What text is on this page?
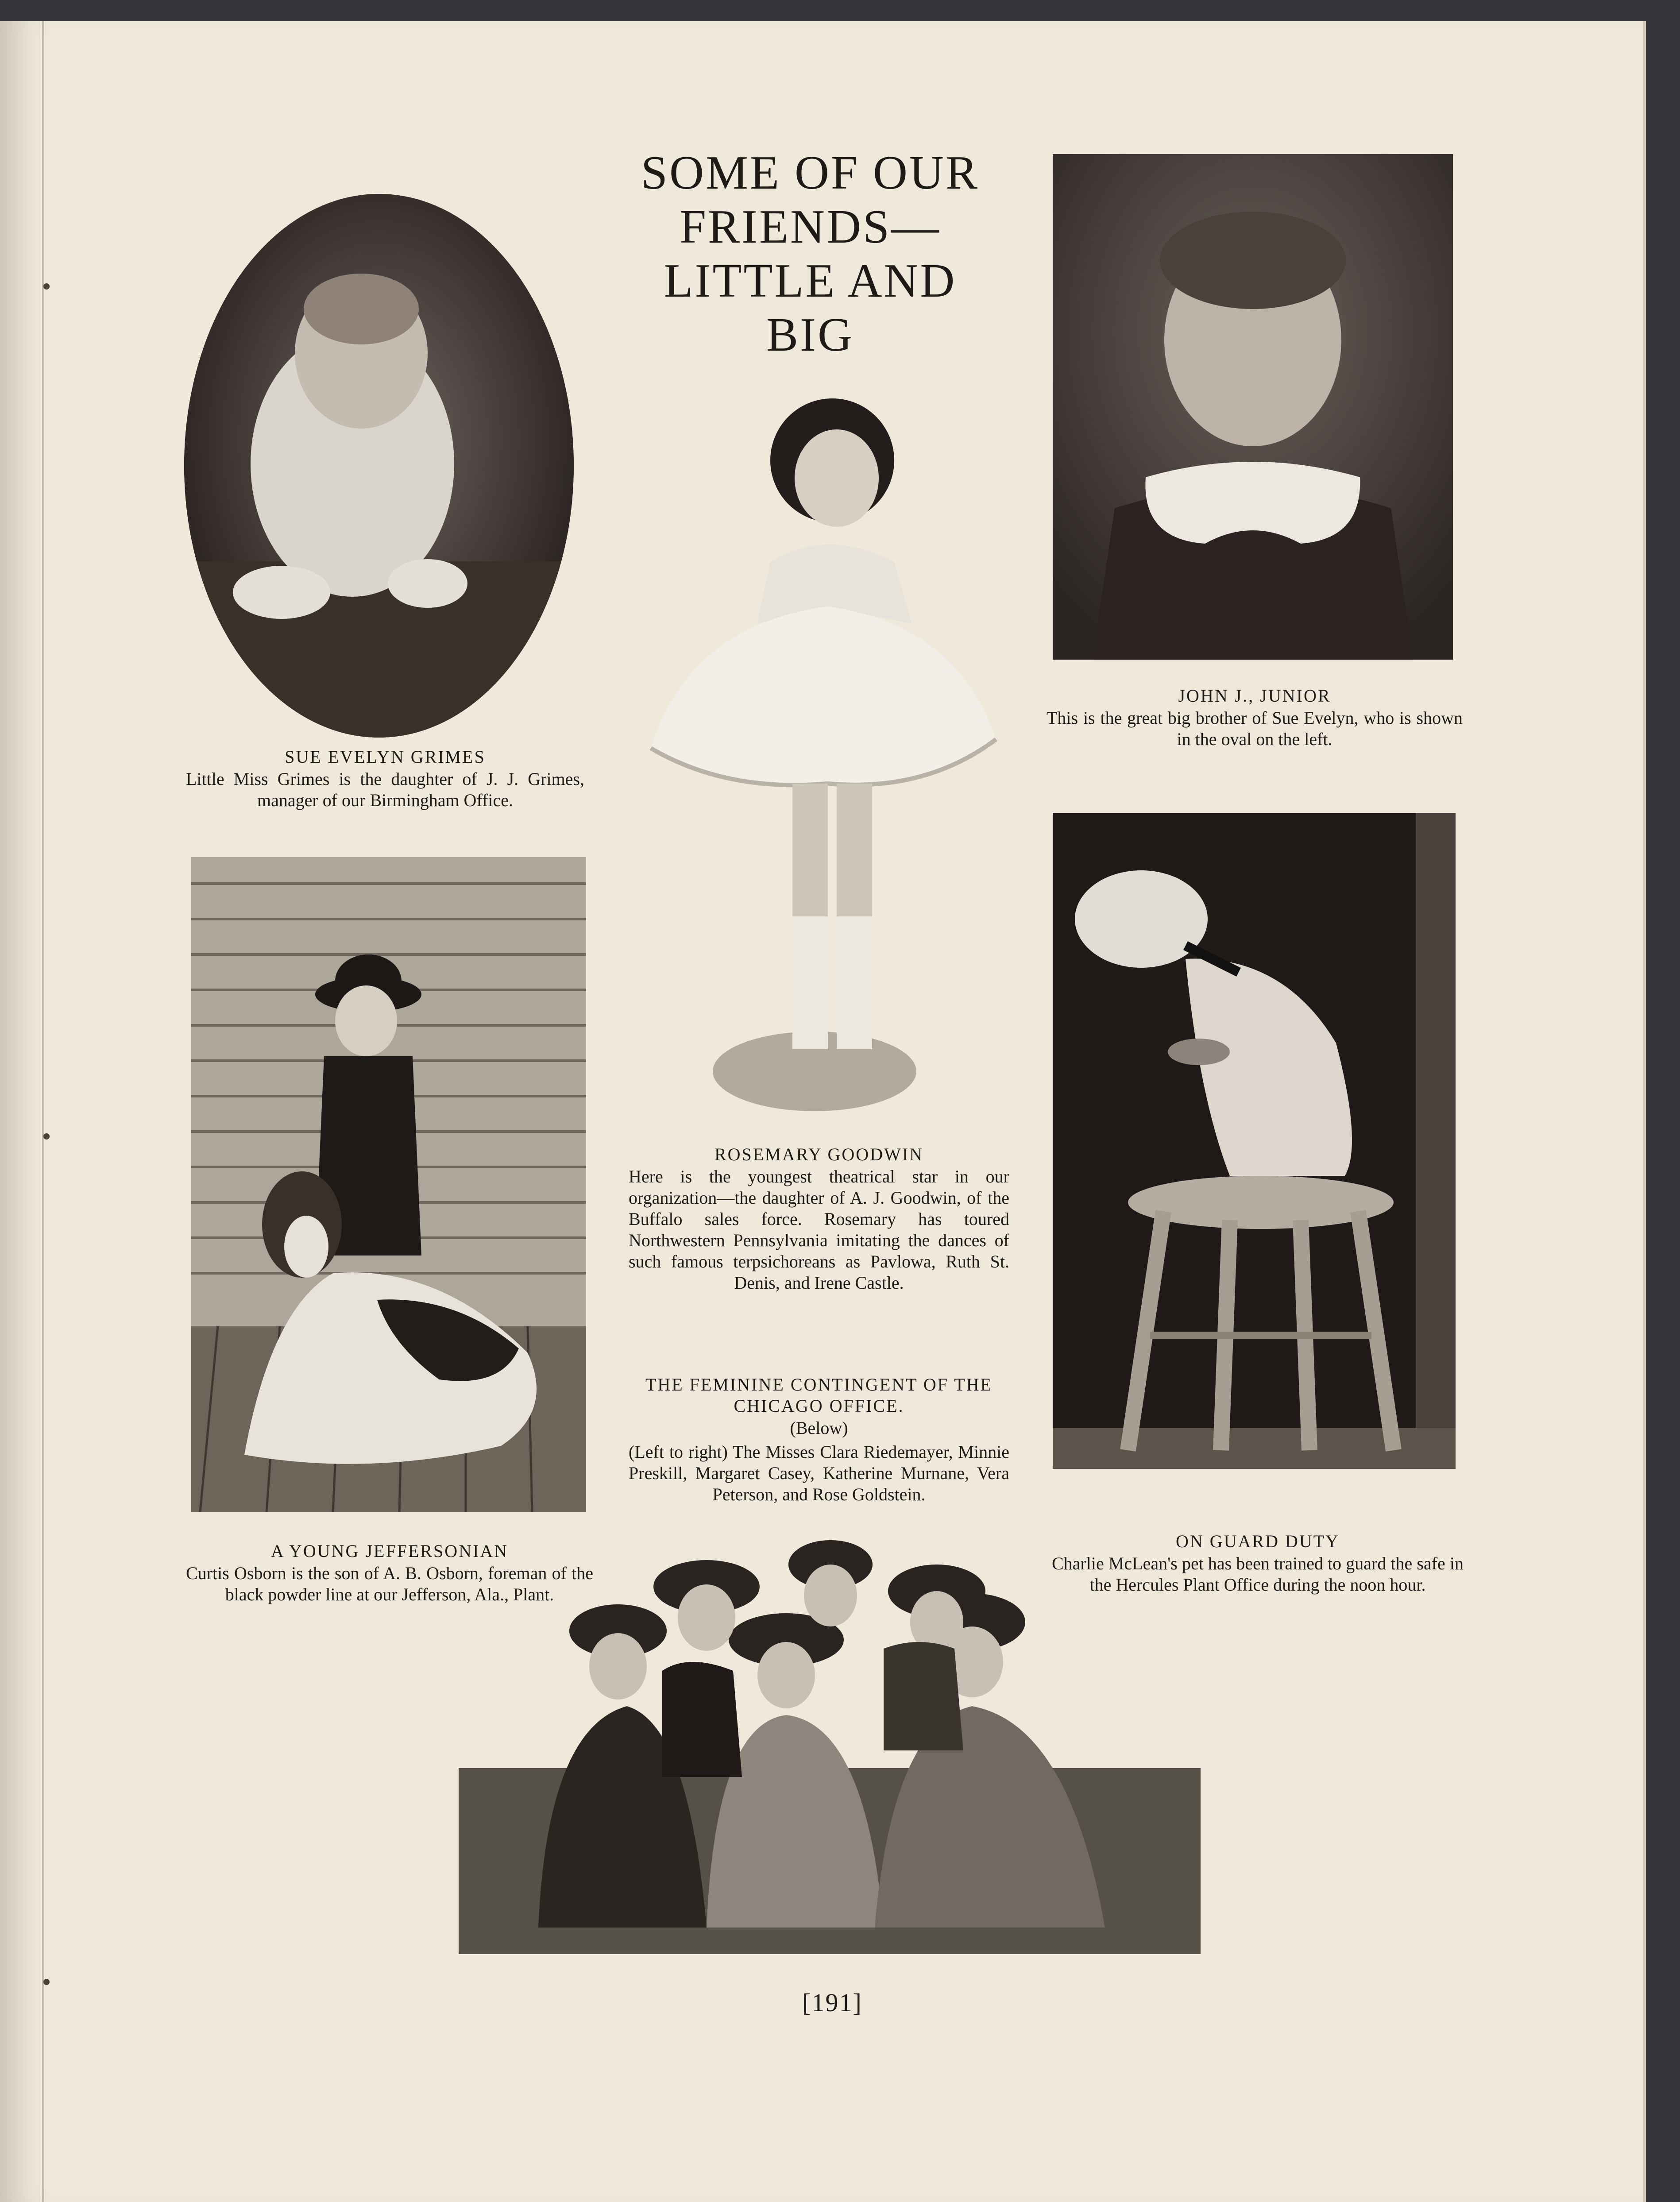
SOME OF OUR
FRIENDS—
LITTLE AND
BIG
SUE EVELYN GRIMES
Little Miss Grimes is the daughter of J. J. Grimes, manager of our Birmingham Office.
JOHN J., JUNIOR
This is the great big brother of Sue Evelyn, who is shown in the oval on the left.
ROSEMARY GOODWIN
Here is the youngest theatrical star in our organization—the daughter of A. J. Goodwin, of the Buffalo sales force. Rosemary has toured Northwestern Pennsylvania imitating the dances of such famous terpsichoreans as Pavlowa, Ruth St. Denis, and Irene Castle.
THE FEMININE CONTINGENT OF THE CHICAGO OFFICE.
(Below)
(Left to right) The Misses Clara Riedemayer, Minnie Preskill, Margaret Casey, Katherine Murnane, Vera Peterson, and Rose Goldstein.
A YOUNG JEFFERSONIAN
Curtis Osborn is the son of A. B. Osborn, foreman of the black powder line at our Jefferson, Ala., Plant.
ON GUARD DUTY
Charlie McLean's pet has been trained to guard the safe in the Hercules Plant Office during the noon hour.
[191]
